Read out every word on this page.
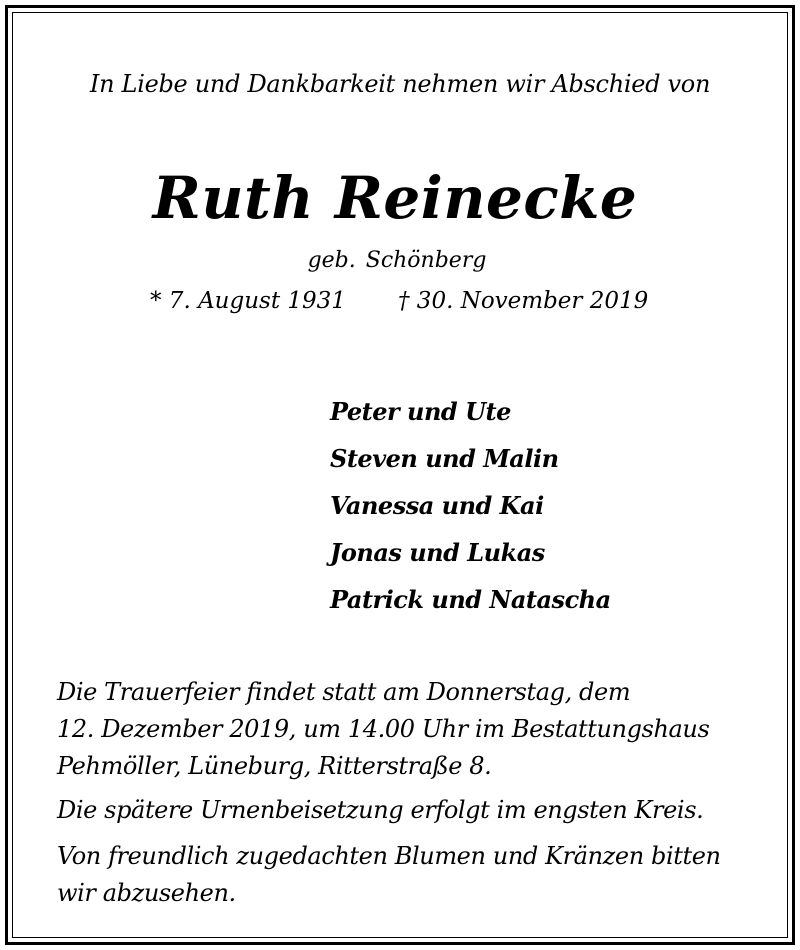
In Liebe und Dankbarkeit nehmen wir Abschied von
Ruth Reinecke
geb. Schönberg
* 7. August 1931 † 30. November 2019
Peter und Ute
Steven und Malin
Vanessa und Kai
Jonas und Lukas
Patrick und Natascha

Die Trauerfeier findet statt am Donnerstag, dem
12. Dezember 2019, um 14.00 Uhr im Bestattungshaus
Pehmöller, Lüneburg, Ritterstraße 8.

Die spätere Urnenbeisetzung erfolgt im engsten Kreis.

Von freundlich zugedachten Blumen und Kränzen bitten
wir abzusehen.
